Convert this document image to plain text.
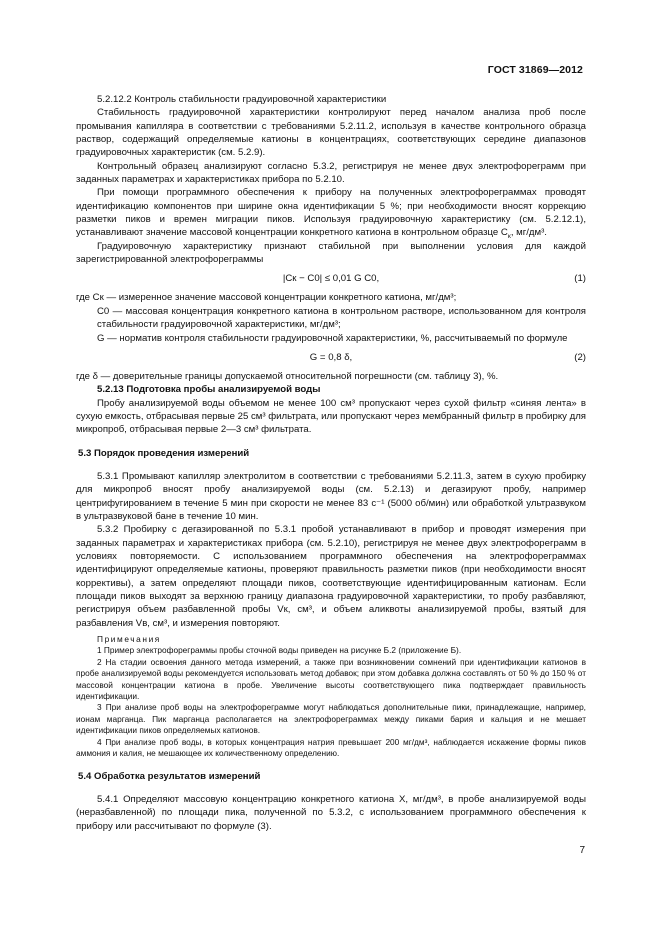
ГОСТ 31869—2012

5.2.12.2 Контроль стабильности градуировочной характеристики

Стабильность градуировочной характеристики контролируют перед началом анализа проб после промывания капилляра в соответствии с требованиями 5.2.11.2, используя в качестве контрольного образца раствор, содержащий определяемые катионы в концентрациях, соответствующих середине диапазонов градуировочных характеристик (см. 5.2.9).

Контрольный образец анализируют согласно 5.3.2, регистрируя не менее двух электрофореграмм при заданных параметрах и характеристиках прибора по 5.2.10.

При помощи программного обеспечения к прибору на полученных электрофореграммах проводят идентификацию компонентов при ширине окна идентификации 5 %; при необходимости вносят коррекцию разметки пиков и времен миграции пиков. Используя градуировочную характеристику (см. 5.2.12.1), устанавливают значение массовой концентрации конкретного катиона в контрольном образце $C_к$, мг/дм³.

Градуировочную характеристику признают стабильной при выполнении условия для каждой зарегистрированной электрофореграммы

|Cк − C0| ≤ 0,01 G C0,	(1)

где Cк — измеренное значение массовой концентрации конкретного катиона, мг/дм³;

C0 — массовая концентрация конкретного катиона в контрольном растворе, использованном для контроля стабильности градуировочной характеристики, мг/дм³;

G — норматив контроля стабильности градуировочной характеристики, %, рассчитываемый по формуле

G = 0,8 δ,	(2)

где δ — доверительные границы допускаемой относительной погрешности (см. таблицу 3), %.

5.2.13 Подготовка пробы анализируемой воды

Пробу анализируемой воды объемом не менее 100 см³ пропускают через сухой фильтр «синяя лента» в сухую емкость, отбрасывая первые 25 см³ фильтрата, или пропускают через мембранный фильтр в пробирку для микропроб, отбрасывая первые 2—3 см³ фильтрата.

5.3 Порядок проведения измерений

5.3.1 Промывают капилляр электролитом в соответствии с требованиями 5.2.11.3, затем в сухую пробирку для микропроб вносят пробу анализируемой воды (см. 5.2.13) и дегазируют пробу, например центрифугированием в течение 5 мин при скорости не менее 83 с⁻¹ (5000 об/мин) или обработкой ультразвуком в ультразвуковой бане в течение 10 мин.

5.3.2 Пробирку с дегазированной по 5.3.1 пробой устанавливают в прибор и проводят измерения при заданных параметрах и характеристиках прибора (см. 5.2.10), регистрируя не менее двух электрофореграмм в условиях повторяемости. С использованием программного обеспечения на электрофореграммах идентифицируют определяемые катионы, проверяют правильность разметки пиков (при необходимости вносят коррективы), а затем определяют площади пиков, соответствующие идентифицированным катионам. Если площади пиков выходят за верхнюю границу диапазона градуировочной характеристики, то пробу разбавляют, регистрируя объем разбавленной пробы Vк, см³, и объем аликвоты анализируемой пробы, взятый для разбавления Vв, см³, и измерения повторяют.

Примечания

1 Пример электрофореграммы пробы сточной воды приведен на рисунке Б.2 (приложение Б).

2 На стадии освоения данного метода измерений, а также при возникновении сомнений при идентификации катионов в пробе анализируемой воды рекомендуется использовать метод добавок; при этом добавка должна составлять от 50 % до 150 % от массовой концентрации катиона в пробе. Увеличение высоты соответствующего пика подтверждает правильность идентификации.

3 При анализе проб воды на электрофореграмме могут наблюдаться дополнительные пики, принадлежащие, например, ионам марганца. Пик марганца располагается на электрофореграммах между пиками бария и кальция и не мешает идентификации пиков определяемых катионов.

4 При анализе проб воды, в которых концентрация натрия превышает 200 мг/дм³, наблюдается искажение формы пиков аммония и калия, не мешающее их количественному определению.

5.4 Обработка результатов измерений

5.4.1 Определяют массовую концентрацию конкретного катиона X, мг/дм³, в пробе анализируемой воды (неразбавленной) по площади пика, полученной по 5.3.2, с использованием программного обеспечения к прибору или рассчитывают по формуле (3).

7
